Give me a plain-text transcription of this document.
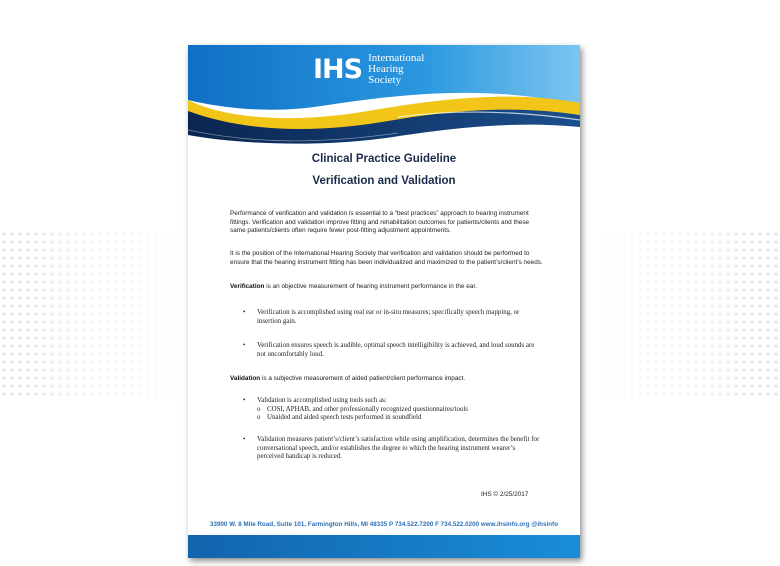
IHS International
Hearing
Society
Clinical Practice Guideline
Verification and Validation
Performance of verification and validation is essential to a “best practices” approach to hearing instrument fittings. Verification and validation improve fitting and rehabilitation outcomes for patients/clients and these same patients/clients often require fewer post-fitting adjustment appointments.
It is the position of the International Hearing Society that verification and validation should be performed to ensure that the hearing instrument fitting has been individualized and maximized to the patient’s/client’s needs.
Verification is an objective measurement of hearing instrument performance in the ear.
•	Verification is accomplished using real ear or in-situ measures; specifically speech mapping, or insertion gain.
•	Verification ensures speech is audible, optimal speech intelligibility is achieved, and loud sounds are not uncomfortably loud.
Validation is a subjective measurement of aided patient/client performance impact.
•	Validation is accomplished using tools such as:
o COSI, APHAB, and other professionally recognized questionnaires/tools
o Unaided and aided speech tests performed in soundfield
•	Validation measures patient’s/client’s satisfaction while using amplification, determines the benefit for conversational speech, and/or establishes the degree to which the hearing instrument wearer’s perceived handicap is reduced.
IHS © 2/25/2017
33900 W. 8 Mile Road, Suite 101, Farmington Hills, MI 48335 P 734.522.7200 F 734.522.0200 www.ihsinfo.org @ihsinfo
